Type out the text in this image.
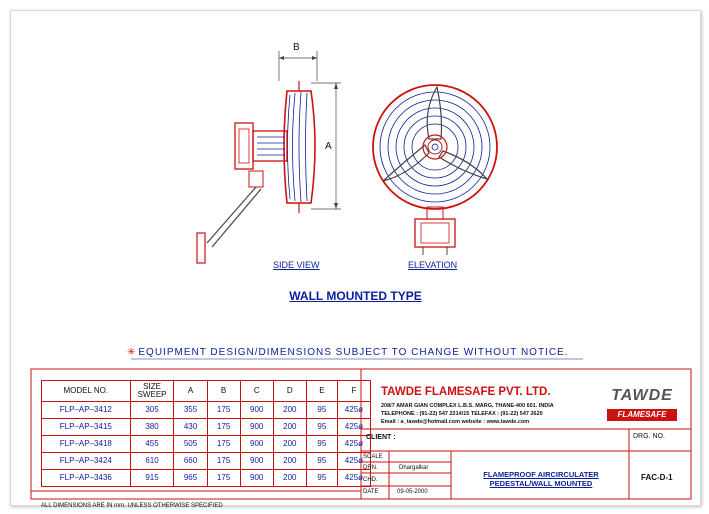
B
A
SIDE VIEW	ELEVATION
WALL MOUNTED TYPE
✳ EQUIPMENT DESIGN/DIMENSIONS SUBJECT TO CHANGE WITHOUT NOTICE.
MODEL NO.	SIZE SWEEP	A	B	C	D	E	F
FLP–AP–3412	305	355	175	900	200	95	425ø
FLP–AP–3415	380	430	175	900	200	95	425ø
FLP–AP–3418	455	505	175	900	200	95	425ø
FLP–AP–3424	610	660	175	900	200	95	425ø
FLP–AP–3436	915	965	175	900	200	95	425ø
ALL DIMENSIONS ARE IN mm. UNLESS OTHERWISE SPECIFIED
TAWDE FLAMESAFE PVT. LTD.
208/7 AMAR GIAN COMPLEX L.B.S. MARG, THANE-400 601. INDIA
TELEPHONE : (91-22) 547 2214/15 TELEFAX : (91-22) 547 2620
Email : a_tawde@hotmail.com website : www.tawde.com
TAWDE
FLAMESAFE
CLIENT :
SCALE
DRN.	Dhargalkar
CHD.
DATE	09-05-2000
FLAMEPROOF AIRCIRCULATER
PEDESTAL/WALL MOUNTED
DRG. NO.
FAC-D-1
